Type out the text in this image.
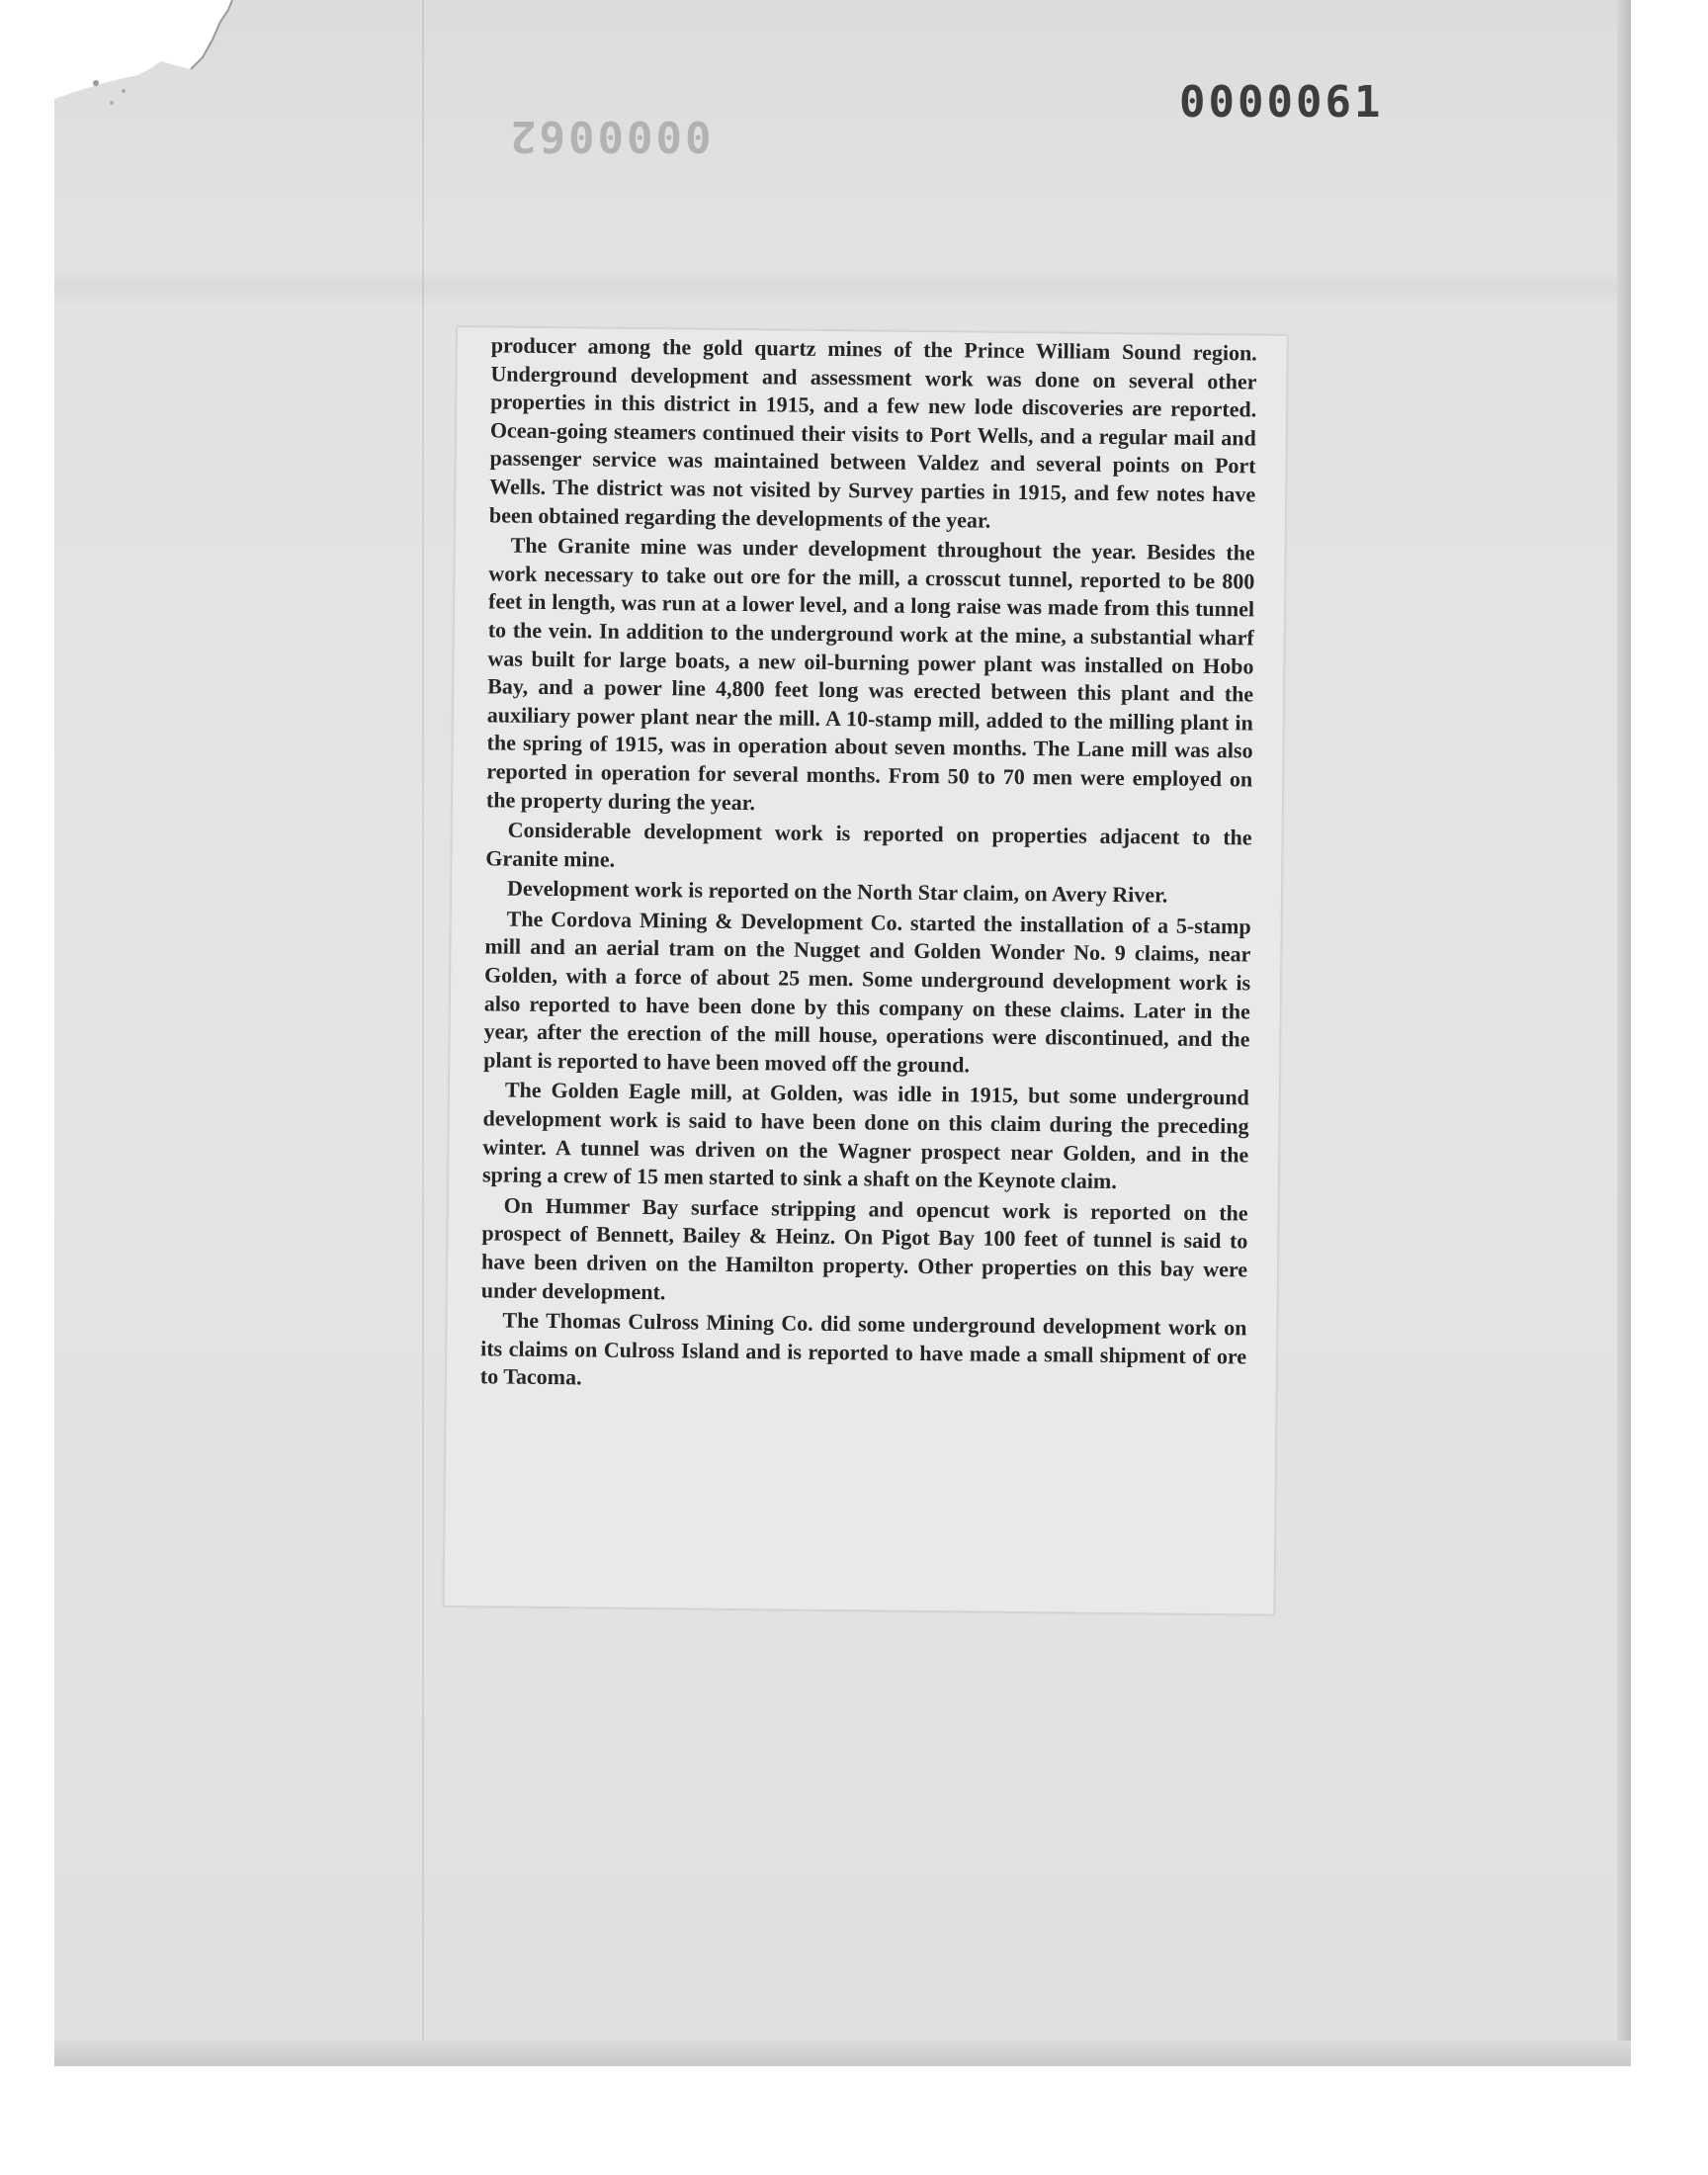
0000062
0000061

producer among the gold quartz mines of the Prince William Sound region. Underground development and assessment work was done on several other properties in this district in 1915, and a few new lode discoveries are reported. Ocean-going steamers continued their visits to Port Wells, and a regular mail and passenger service was maintained between Valdez and several points on Port Wells. The district was not visited by Survey parties in 1915, and few notes have been obtained regarding the developments of the year.

The Granite mine was under development throughout the year. Besides the work necessary to take out ore for the mill, a crosscut tunnel, reported to be 800 feet in length, was run at a lower level, and a long raise was made from this tunnel to the vein. In addition to the underground work at the mine, a substantial wharf was built for large boats, a new oil-burning power plant was installed on Hobo Bay, and a power line 4,800 feet long was erected between this plant and the auxiliary power plant near the mill. A 10-stamp mill, added to the milling plant in the spring of 1915, was in operation about seven months. The Lane mill was also reported in operation for several months. From 50 to 70 men were employed on the property during the year.

Considerable development work is reported on properties adjacent to the Granite mine.

Development work is reported on the North Star claim, on Avery River.

The Cordova Mining & Development Co. started the installation of a 5-stamp mill and an aerial tram on the Nugget and Golden Wonder No. 9 claims, near Golden, with a force of about 25 men. Some underground development work is also reported to have been done by this company on these claims. Later in the year, after the erection of the mill house, operations were discontinued, and the plant is reported to have been moved off the ground.

The Golden Eagle mill, at Golden, was idle in 1915, but some underground development work is said to have been done on this claim during the preceding winter. A tunnel was driven on the Wagner prospect near Golden, and in the spring a crew of 15 men started to sink a shaft on the Keynote claim.

On Hummer Bay surface stripping and opencut work is reported on the prospect of Bennett, Bailey & Heinz. On Pigot Bay 100 feet of tunnel is said to have been driven on the Hamilton property. Other properties on this bay were under development.

The Thomas Culross Mining Co. did some underground development work on its claims on Culross Island and is reported to have made a small shipment of ore to Tacoma.
